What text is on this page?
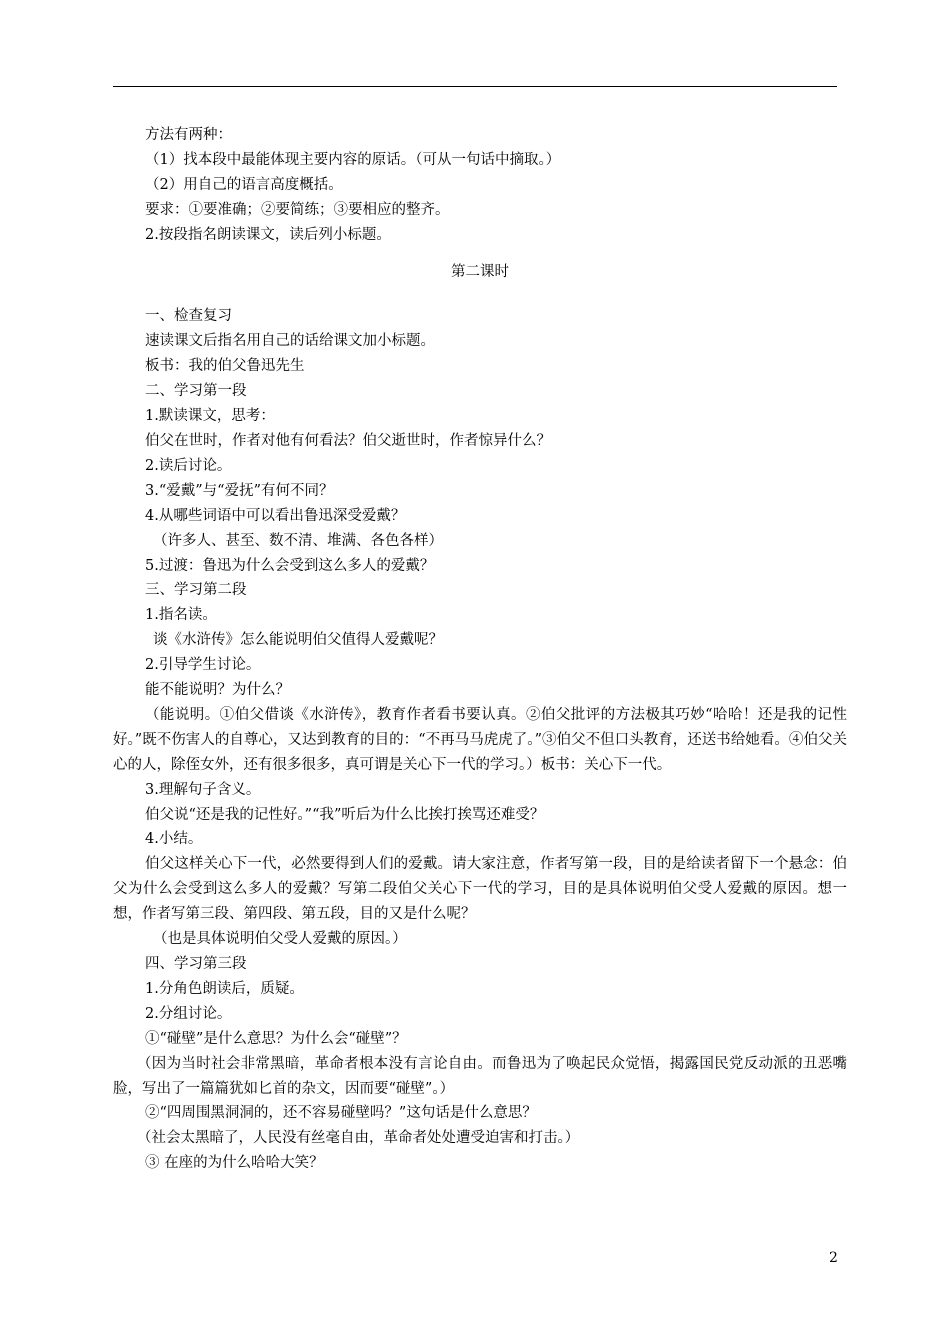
方法有两种：

（1）找本段中最能体现主要内容的原话。（可从一句话中摘取。）

（2）用自己的语言高度概括。

要求：①要准确；②要简练；③要相应的整齐。

2.按段指名朗读课文，读后列小标题。

第二课时

一、检查复习

速读课文后指名用自己的话给课文加小标题。

板书：我的伯父鲁迅先生

二、学习第一段

1.默读课文，思考：

伯父在世时，作者对他有何看法？伯父逝世时，作者惊异什么？

2.读后讨论。

3.“爱戴”与“爱抚”有何不同？

4.从哪些词语中可以看出鲁迅深受爱戴？

（许多人、甚至、数不清、堆满、各色各样）

5.过渡：鲁迅为什么会受到这么多人的爱戴？

三、学习第二段

1.指名读。

谈《水浒传》怎么能说明伯父值得人爱戴呢？

2.引导学生讨论。

能不能说明？为什么？

（能说明。①伯父借谈《水浒传》，教育作者看书要认真。②伯父批评的方法极其巧妙“哈哈！还是我的记性好。”既不伤害人的自尊心，又达到教育的目的：“不再马马虎虎了。”③伯父不但口头教育，还送书给她看。④伯父关心的人，除侄女外，还有很多很多，真可谓是关心下一代的学习。）板书：关心下一代。

3.理解句子含义。

伯父说“还是我的记性好。”“我”听后为什么比挨打挨骂还难受？

4.小结。

伯父这样关心下一代，必然要得到人们的爱戴。请大家注意，作者写第一段，目的是给读者留下一个悬念：伯父为什么会受到这么多人的爱戴？写第二段伯父关心下一代的学习，目的是具体说明伯父受人爱戴的原因。想一想，作者写第三段、第四段、第五段，目的又是什么呢？

（也是具体说明伯父受人爱戴的原因。）

四、学习第三段

1.分角色朗读后，质疑。

2.分组讨论。

①“碰壁”是什么意思？为什么会“碰壁”？

（因为当时社会非常黑暗，革命者根本没有言论自由。而鲁迅为了唤起民众觉悟，揭露国民党反动派的丑恶嘴脸，写出了一篇篇犹如匕首的杂文，因而要“碰壁”。）

②“四周围黑洞洞的，还不容易碰壁吗？”这句话是什么意思？

（社会太黑暗了，人民没有丝毫自由，革命者处处遭受迫害和打击。）

③ 在座的为什么哈哈大笑？

2
